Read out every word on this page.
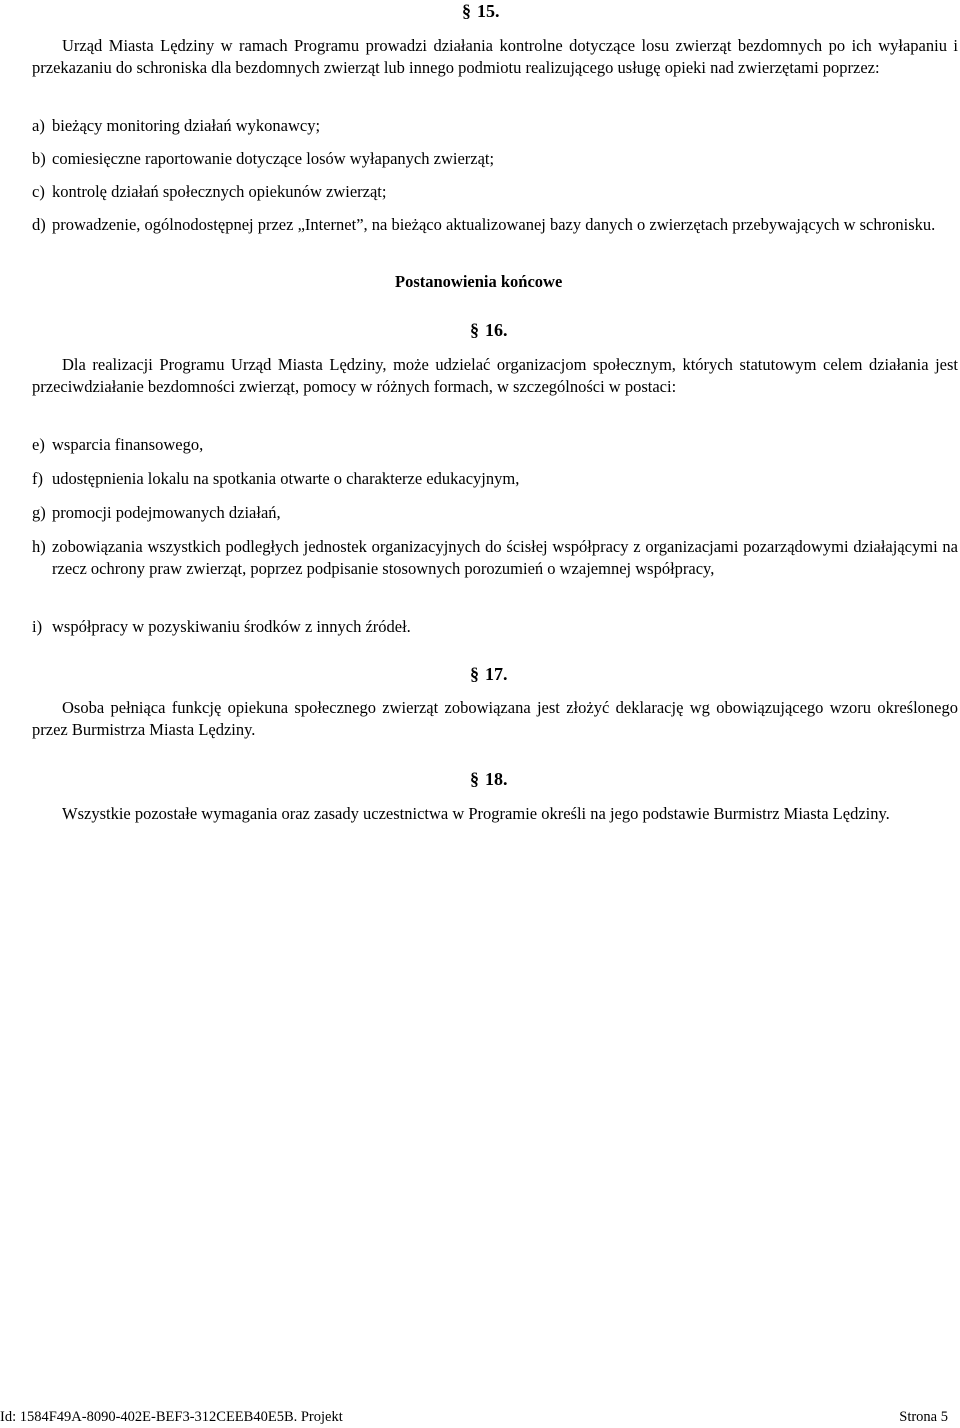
§ 15.
Urząd Miasta Lędziny w ramach Programu prowadzi działania kontrolne dotyczące losu zwierząt bezdomnych po ich wyłapaniu i przekazaniu do schroniska dla bezdomnych zwierząt lub innego podmiotu realizującego usługę opieki nad zwierzętami poprzez:
a) bieżący monitoring działań wykonawcy;
b) comiesięczne raportowanie dotyczące losów wyłapanych zwierząt;
c) kontrolę działań społecznych opiekunów zwierząt;
d) prowadzenie, ogólnodostępnej przez „Internet”, na bieżąco aktualizowanej bazy danych o zwierzętach przebywających w schronisku.
Postanowienia końcowe
§ 16.
Dla realizacji Programu Urząd Miasta Lędziny, może udzielać organizacjom społecznym, których statutowym celem działania jest przeciwdziałanie bezdomności zwierząt, pomocy w różnych formach, w szczególności w postaci:
e) wsparcia finansowego,
f) udostępnienia lokalu na spotkania otwarte o charakterze edukacyjnym,
g) promocji podejmowanych działań,
h) zobowiązania wszystkich podległych jednostek organizacyjnych do ścisłej współpracy z organizacjami pozarządowymi działającymi na rzecz ochrony praw zwierząt, poprzez podpisanie stosownych porozumień o wzajemnej współpracy,
i) współpracy w pozyskiwaniu środków z innych źródeł.
§ 17.
Osoba pełniąca funkcję opiekuna społecznego zwierząt zobowiązana jest złożyć deklarację wg obowiązującego wzoru określonego przez Burmistrza Miasta Lędziny.
§ 18.
Wszystkie pozostałe wymagania oraz zasady uczestnictwa w Programie określi na jego podstawie Burmistrz Miasta Lędziny.
Id: 1584F49A-8090-402E-BEF3-312CEEB40E5B. Projekt	Strona 5
